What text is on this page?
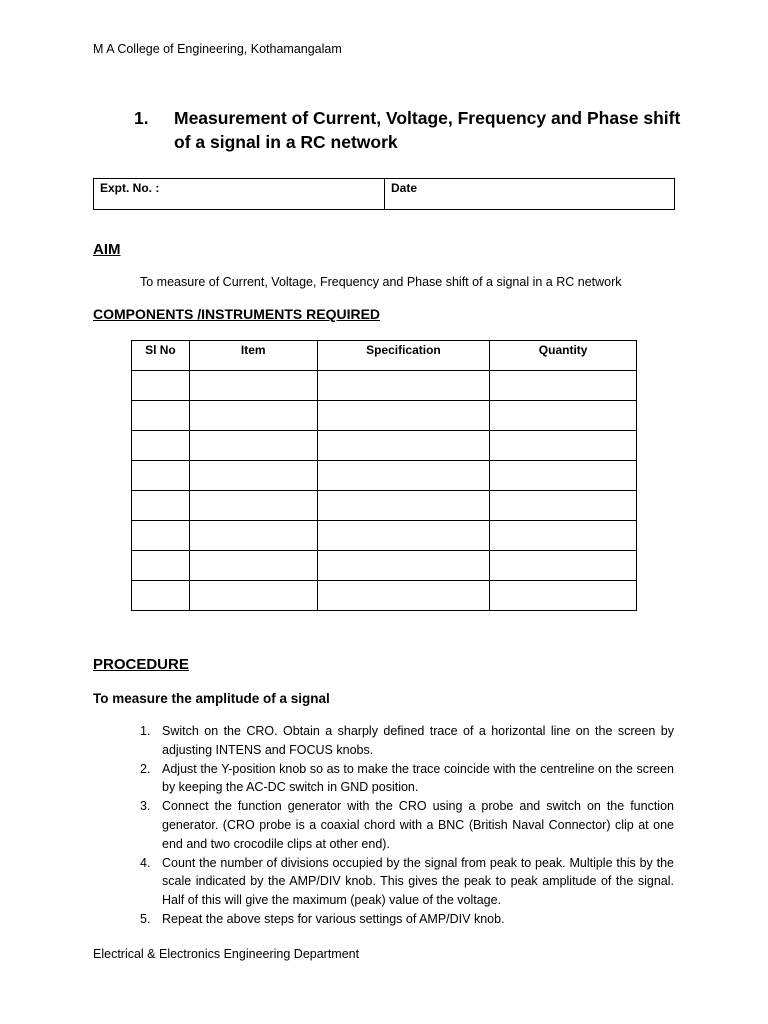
M A College of Engineering, Kothamangalam
1.	Measurement of Current, Voltage, Frequency and Phase shift of a signal in a RC network
Expt. No. :	Date
AIM
To measure of Current, Voltage, Frequency and Phase shift of a signal in a RC network
COMPONENTS /INSTRUMENTS REQUIRED
Sl No	Item	Specification	Quantity

PROCEDURE
To measure the amplitude of a signal
1. Switch on the CRO. Obtain a sharply defined trace of a horizontal line on the screen by adjusting INTENS and FOCUS knobs.
2. Adjust the Y-position knob so as to make the trace coincide with the centreline on the screen by keeping the AC-DC switch in GND position.
3. Connect the function generator with the CRO using a probe and switch on the function generator. (CRO probe is a coaxial chord with a BNC (British Naval Connector) clip at one end and two crocodile clips at other end).
4. Count the number of divisions occupied by the signal from peak to peak. Multiple this by the scale indicated by the AMP/DIV knob. This gives the peak to peak amplitude of the signal. Half of this will give the maximum (peak) value of the voltage.
5. Repeat the above steps for various settings of AMP/DIV knob.
Electrical & Electronics Engineering Department
